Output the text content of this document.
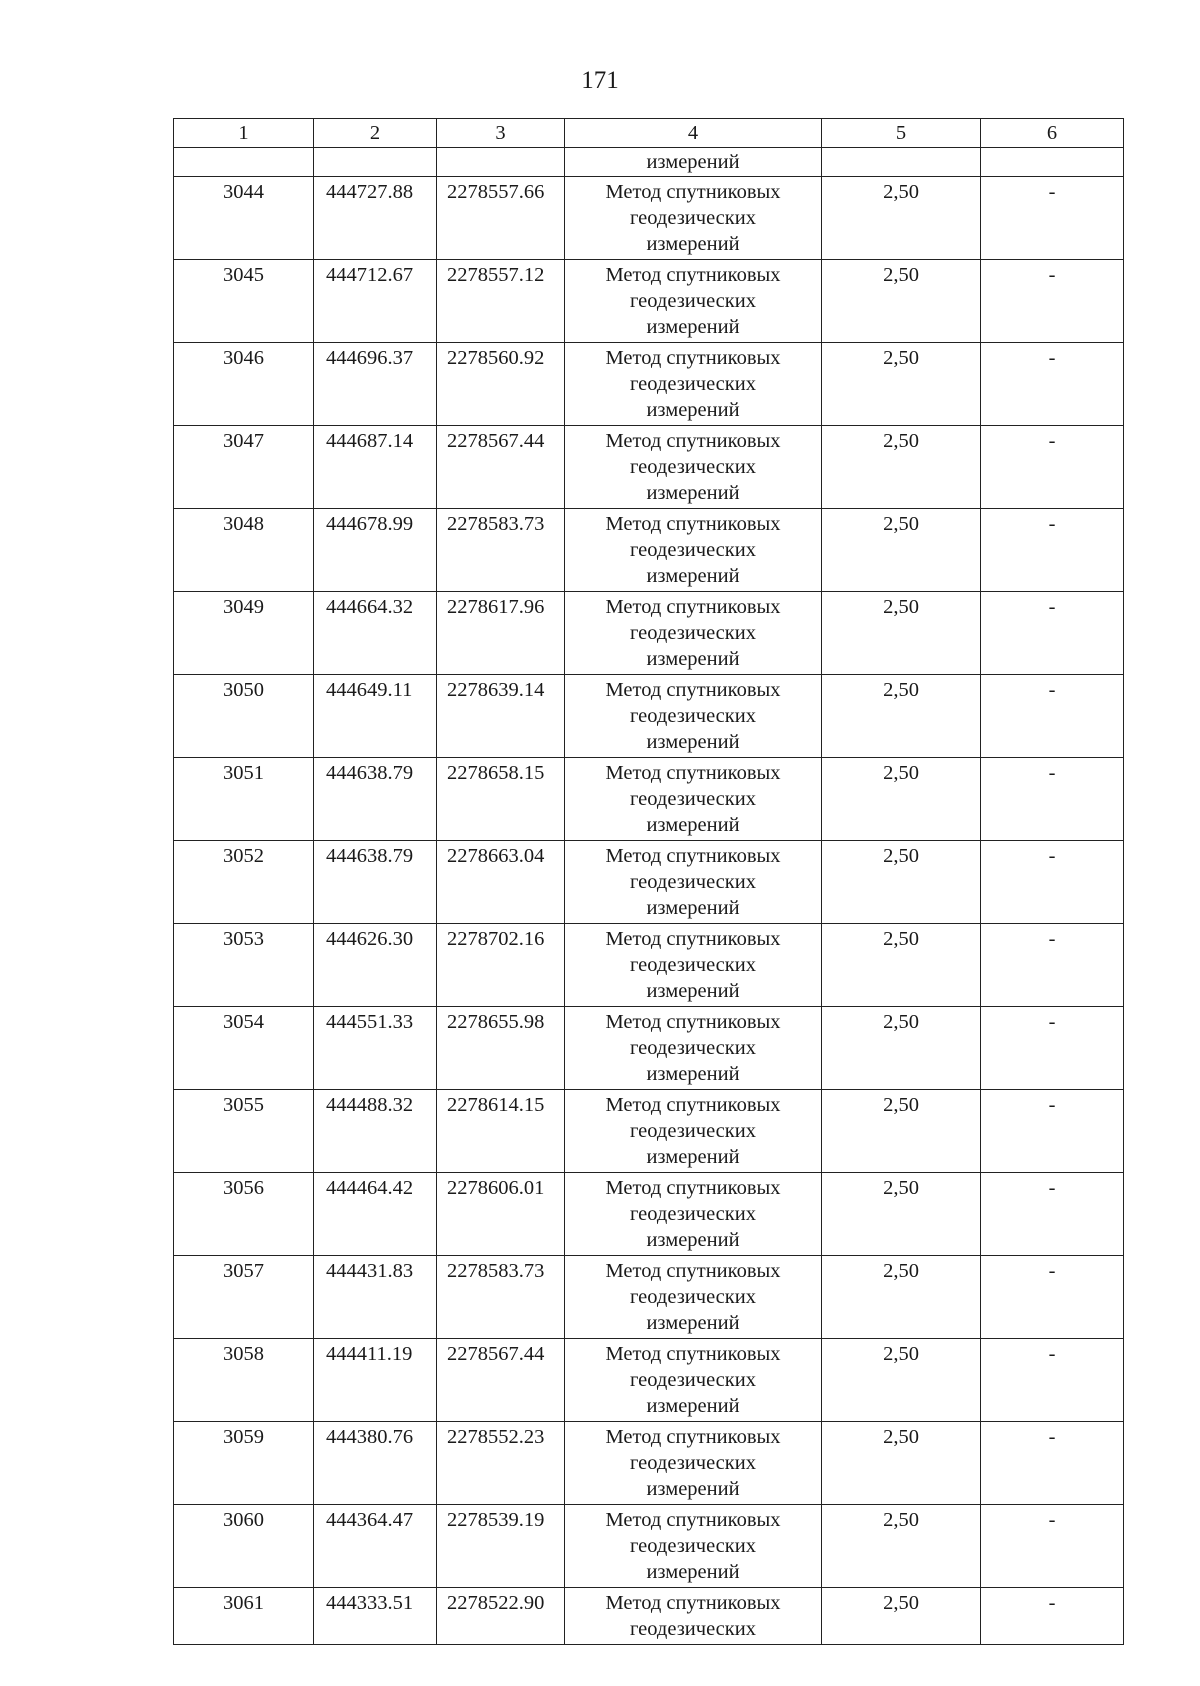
171
1	2	3	4	5	6
			измерений		
3044	444727.88	2278557.66	Метод спутниковых
геодезических
измерений	2,50	-
3045	444712.67	2278557.12	Метод спутниковых
геодезических
измерений	2,50	-
3046	444696.37	2278560.92	Метод спутниковых
геодезических
измерений	2,50	-
3047	444687.14	2278567.44	Метод спутниковых
геодезических
измерений	2,50	-
3048	444678.99	2278583.73	Метод спутниковых
геодезических
измерений	2,50	-
3049	444664.32	2278617.96	Метод спутниковых
геодезических
измерений	2,50	-
3050	444649.11	2278639.14	Метод спутниковых
геодезических
измерений	2,50	-
3051	444638.79	2278658.15	Метод спутниковых
геодезических
измерений	2,50	-
3052	444638.79	2278663.04	Метод спутниковых
геодезических
измерений	2,50	-
3053	444626.30	2278702.16	Метод спутниковых
геодезических
измерений	2,50	-
3054	444551.33	2278655.98	Метод спутниковых
геодезических
измерений	2,50	-
3055	444488.32	2278614.15	Метод спутниковых
геодезических
измерений	2,50	-
3056	444464.42	2278606.01	Метод спутниковых
геодезических
измерений	2,50	-
3057	444431.83	2278583.73	Метод спутниковых
геодезических
измерений	2,50	-
3058	444411.19	2278567.44	Метод спутниковых
геодезических
измерений	2,50	-
3059	444380.76	2278552.23	Метод спутниковых
геодезических
измерений	2,50	-
3060	444364.47	2278539.19	Метод спутниковых
геодезических
измерений	2,50	-
3061	444333.51	2278522.90	Метод спутниковых
геодезических	2,50	-
